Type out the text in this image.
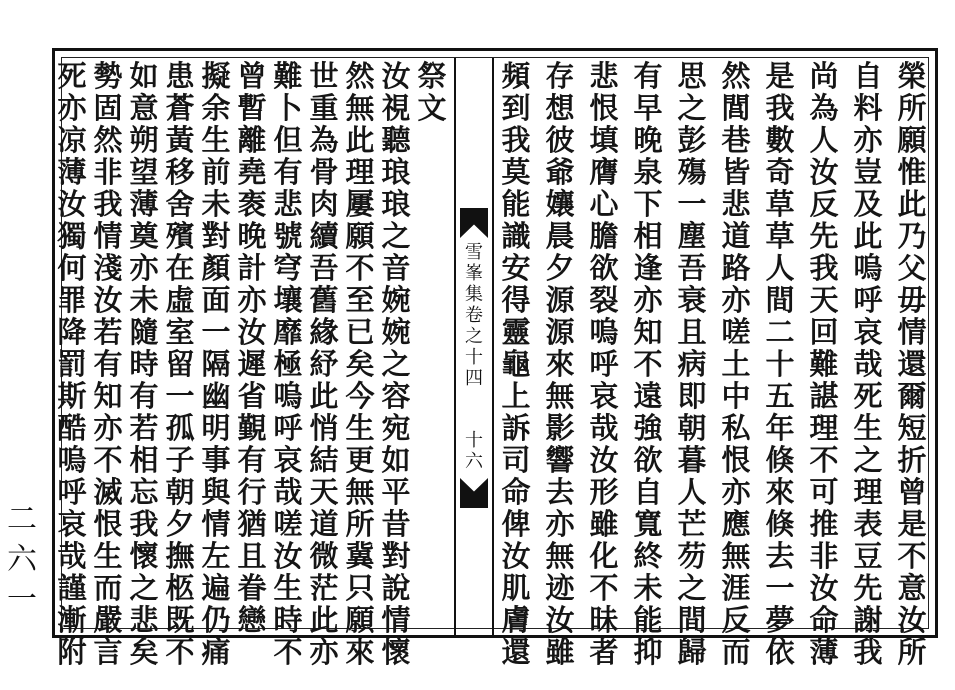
二
六
一
雪
峯
集
卷
之
十
四
十
六
榮
所
願
惟
此
乃
父
毋
情
還
爾
短
折
曾
是
不
意
汝
所
自
料
亦
豈
及
此
嗚
呼
哀
哉
死
生
之
理
表
豆
先
謝
我
尚
為
人
汝
反
先
我
天
回
難
諶
理
不
可
推
非
汝
命
薄
是
我
數
奇
草
草
人
間
二
十
五
年
倏
來
倏
去
一
夢
依
然
閭
巷
皆
悲
道
路
亦
嗟
土
中
私
恨
亦
應
無
涯
反
而
思
之
彭
殤
一
塵
吾
衰
且
病
即
朝
暮
人
芒
芴
之
間
歸
有
早
晚
泉
下
相
逢
亦
知
不
遠
強
欲
自
寬
終
未
能
抑
悲
恨
填
膺
心
膽
欲
裂
嗚
呼
哀
哉
汝
形
雖
化
不
昧
者
存
想
彼
爺
孃
晨
夕
源
源
來
無
影
響
去
亦
無
迹
汝
雖
頻
到
我
莫
能
識
安
得
靈
龜
上
訴
司
命
俾
汝
肌
膚
還
祭
文
汝
視
聽
琅
琅
之
音
婉
婉
之
容
宛
如
平
昔
對
說
情
懷
然
無
此
理
屢
願
不
至
已
矣
今
生
更
無
所
冀
只
願
來
世
重
為
骨
肉
續
吾
舊
緣
紓
此
悄
結
天
道
微
茫
此
亦
難
卜
但
有
悲
號
穹
壤
靡
極
嗚
呼
哀
哉
嗟
汝
生
時
不
曾
暫
離
堯
袠
晚
計
亦
汝
遲
省
覲
有
行
猶
且
眷
戀
擬
余
生
前
未
對
顏
面
一
隔
幽
明
事
與
情
左
遍
仍
痛
患
蒼
黃
移
舍
殯
在
虛
室
留
一
孤
子
朝
夕
撫
柩
既
不
如
意
朔
望
薄
奠
亦
未
隨
時
有
若
相
忘
我
懷
之
悲
矣
勢
固
然
非
我
情
淺
汝
若
有
知
亦
不
滅
恨
生
而
嚴
言
死
亦
凉
薄
汝
獨
何
罪
降
罰
斯
酷
嗚
呼
哀
哉
謹
漸
附
